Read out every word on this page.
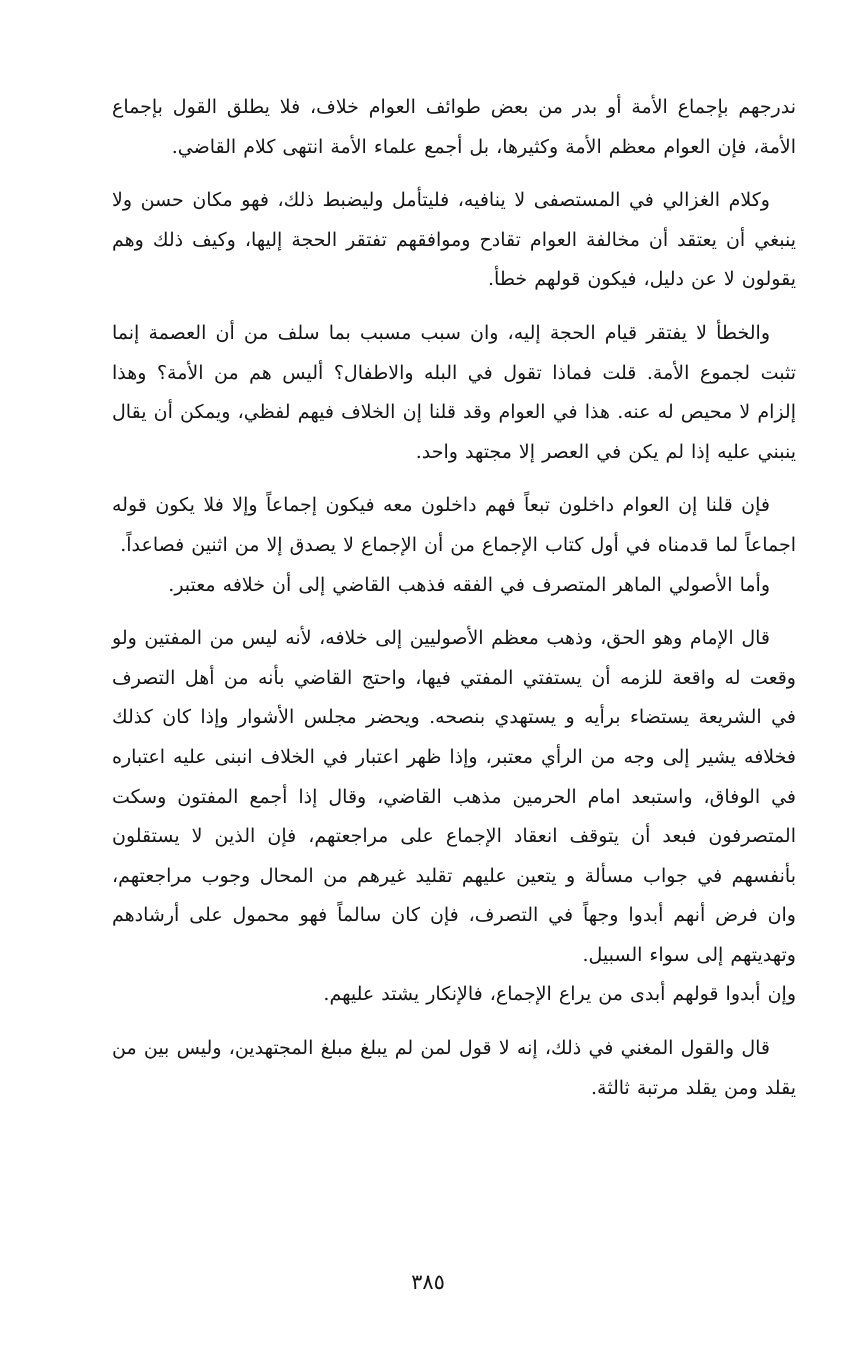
ندرجهم بإجماع الأمة أو بدر من بعض طوائف العوام خلاف، فلا يطلق القول بإجماع الأمة، فإن العوام معظم الأمة وكثيرها، بل أجمع علماء الأمة انتهى كلام القاضي.

وكلام الغزالي في المستصفى لا ينافيه، فليتأمل وليضبط ذلك، فهو مكان حسن ولا ينبغي أن يعتقد أن مخالفة العوام تقادح وموافقهم تفتقر الحجة إليها، وكيف ذلك وهم يقولون لا عن دليل، فيكون قولهم خطأ.

والخطأ لا يفتقر قيام الحجة إليه، وان سبب مسبب بما سلف من أن العصمة إنما تثبت لجموع الأمة. قلت فماذا تقول في البله والاطفال؟ أليس هم من الأمة؟ وهذا إلزام لا محيص له عنه. هذا في العوام وقد قلنا إن الخلاف فيهم لفظي، ويمكن أن يقال ينبني عليه إذا لم يكن في العصر إلا مجتهد واحد.

فإن قلنا إن العوام داخلون تبعاً فهم داخلون معه فيكون إجماعاً وإلا فلا يكون قوله اجماعاً لما قدمناه في أول كتاب الإجماع من أن الإجماع لا يصدق إلا من اثنين فصاعداً.

وأما الأصولي الماهر المتصرف في الفقه فذهب القاضي إلى أن خلافه معتبر.

قال الإمام وهو الحق، وذهب معظم الأصوليين إلى خلافه، لأنه ليس من المفتين ولو وقعت له واقعة للزمه أن يستفتي المفتي فيها، واحتج القاضي بأنه من أهل التصرف في الشريعة يستضاء برأيه و يستهدي بنصحه. ويحضر مجلس الأشوار وإذا كان كذلك فخلافه يشير إلى وجه من الرأي معتبر، وإذا ظهر اعتبار في الخلاف انبنى عليه اعتباره في الوفاق، واستبعد امام الحرمين مذهب القاضي، وقال إذا أجمع المفتون وسكت المتصرفون فبعد أن يتوقف انعقاد الإجماع على مراجعتهم، فإن الذين لا يستقلون بأنفسهم في جواب مسألة و يتعين عليهم تقليد غيرهم من المحال وجوب مراجعتهم، وان فرض أنهم أبدوا وجهاً في التصرف، فإن كان سالماً فهو محمول على أرشادهم وتهديتهم إلى سواء السبيل.

وإن أبدوا قولهم أبدى من يراع الإجماع، فالإنكار يشتد عليهم.

قال والقول المغني في ذلك، إنه لا قول لمن لم يبلغ مبلغ المجتهدين، وليس بين من يقلد ومن يقلد مرتبة ثالثة.

٣٨٥
